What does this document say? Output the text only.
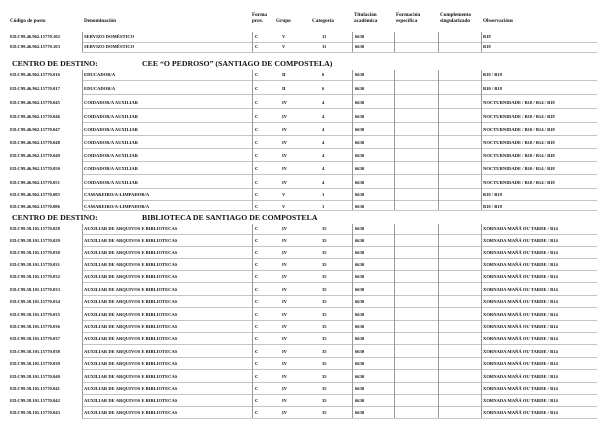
Código de posto	Denominación
Forma
prov.	Grupo	Categoría
Titulación
académica
Formación
específica
Complemento
singularizado	Observacións
ED.C99.46.962.15770.102	SERVIZO DOMÉSTICO	C	V	11	6630	B18
ED.C99.46.962.15770.103	SERVIZO DOMÉSTICO	C	V	11	6630	B18
CENTRO DE DESTINO:	CEE “O PEDROSO” (SANTIAGO DE COMPOSTELA)
ED.C99.46.962.15770.016	EDUCADOR/A	C	II	6	6630	B10 / B18
ED.C99.46.962.15770.017	EDUCADOR/A	C	II	6	6630	B10 / B18
ED.C99.46.962.15770.045	COIDADOR/A AUXILIAR	C	IV	4	6630	NOCTURNIDADE / B10 / B14 / B18
ED.C99.46.962.15770.046	COIDADOR/A AUXILIAR	C	IV	4	6630	NOCTURNIDADE / B10 / B14 / B18
ED.C99.46.962.15770.047	COIDADOR/A AUXILIAR	C	IV	4	6630	NOCTURNIDADE / B10 / B14 / B18
ED.C99.46.962.15770.048	COIDADOR/A AUXILIAR	C	IV	4	6630	NOCTURNIDADE / B10 / B14 / B18
ED.C99.46.962.15770.049	COIDADOR/A AUXILIAR	C	IV	4	6630	NOCTURNIDADE / B10 / B14 / B18
ED.C99.46.962.15770.050	COIDADOR/A AUXILIAR	C	IV	4	6630	NOCTURNIDADE / B10 / B14 / B18
ED.C99.46.962.15770.051	COIDADOR/A AUXILIAR	C	IV	4	6630	NOCTURNIDADE / B10 / B14 / B18
ED.C99.46.962.15770.085	CAMAREIRO/A-LIMPADOR/A	C	V	1	6630	B10 / B18
ED.C99.46.962.15770.086	CAMAREIRO/A-LIMPADOR/A	C	V	1	6630	B10 / B18
CENTRO DE DESTINO:	BIBLIOTECA DE SANTIAGO DE COMPOSTELA
ED.C99.58.101.15770.028	AUXILIAR DE ARQUIVOS E BIBLIOTECAS	C	IV	35	6630	XORNADA MAÑÁ OU TARDE / B14
ED.C99.58.101.15770.029	AUXILIAR DE ARQUIVOS E BIBLIOTECAS	C	IV	35	6630	XORNADA MAÑÁ OU TARDE / B14
ED.C99.58.101.15770.030	AUXILIAR DE ARQUIVOS E BIBLIOTECAS	C	IV	35	6630	XORNADA MAÑÁ OU TARDE / B14
ED.C99.58.101.15770.031	AUXILIAR DE ARQUIVOS E BIBLIOTECAS	C	IV	35	6630	XORNADA MAÑÁ OU TARDE / B14
ED.C99.58.101.15770.032	AUXILIAR DE ARQUIVOS E BIBLIOTECAS	C	IV	35	6630	XORNADA MAÑÁ OU TARDE / B14
ED.C99.58.101.15770.033	AUXILIAR DE ARQUIVOS E BIBLIOTECAS	C	IV	35	6630	XORNADA MAÑÁ OU TARDE / B14
ED.C99.58.101.15770.034	AUXILIAR DE ARQUIVOS E BIBLIOTECAS	C	IV	35	6630	XORNADA MAÑÁ OU TARDE / B14
ED.C99.58.101.15770.035	AUXILIAR DE ARQUIVOS E BIBLIOTECAS	C	IV	35	6630	XORNADA MAÑÁ OU TARDE / B14
ED.C99.58.101.15770.036	AUXILIAR DE ARQUIVOS E BIBLIOTECAS	C	IV	35	6630	XORNADA MAÑÁ OU TARDE / B14
ED.C99.58.101.15770.037	AUXILIAR DE ARQUIVOS E BIBLIOTECAS	C	IV	35	6630	XORNADA MAÑÁ OU TARDE / B14
ED.C99.58.101.15770.038	AUXILIAR DE ARQUIVOS E BIBLIOTECAS	C	IV	35	6630	XORNADA MAÑÁ OU TARDE / B14
ED.C99.58.101.15770.039	AUXILIAR DE ARQUIVOS E BIBLIOTECAS	C	IV	35	6630	XORNADA MAÑÁ OU TARDE / B14
ED.C99.58.101.15770.040	AUXILIAR DE ARQUIVOS E BIBLIOTECAS	C	IV	35	6630	XORNADA MAÑÁ OU TARDE / B14
ED.C99.58.101.15770.041	AUXILIAR DE ARQUIVOS E BIBLIOTECAS	C	IV	35	6630	XORNADA MAÑÁ OU TARDE / B14
ED.C99.58.101.15770.042	AUXILIAR DE ARQUIVOS E BIBLIOTECAS	C	IV	35	6630	XORNADA MAÑÁ OU TARDE / B14
ED.C99.58.101.15770.043	AUXILIAR DE ARQUIVOS E BIBLIOTECAS	C	IV	35	6630	XORNADA MAÑÁ OU TARDE / B14
